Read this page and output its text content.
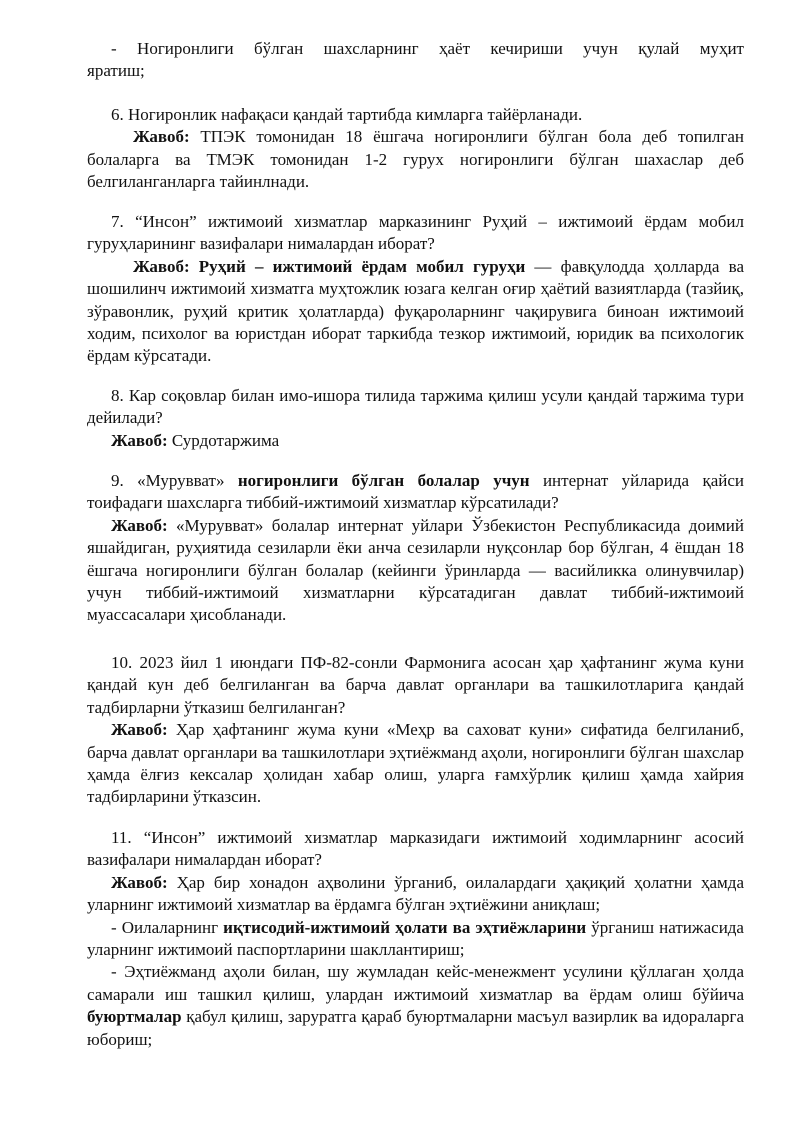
- Ногиронлиги бўлган шахсларнинг ҳаёт кечириши учун қулай муҳит

яратиш;

6. Ногиронлик нафақаси қандай тартибда кимларга тайёрланади.

Жавоб: ТПЭК томонидан 18 ёшгача ногиронлиги бўлган бола деб топилган болаларга ва ТМЭК томонидан 1-2 гурух ногиронлиги бўлган шахаслар деб белгиланганларга тайинлнади.

7. “Инсон” ижтимоий хизматлар марказининг Руҳий – ижтимоий ёрдам мобил гуруҳларининг вазифалари нималардан иборат?

Жавоб: Руҳий – ижтимоий ёрдам мобил гуруҳи — фавқулодда ҳолларда ва шошилинч ижтимоий хизматга муҳтожлик юзага келган оғир ҳаётий вазиятларда (тазйиқ, зўравонлик, руҳий критик ҳолатларда) фуқароларнинг чақирувига биноан ижтимоий ходим, психолог ва юристдан иборат таркибда тезкор ижтимоий, юридик ва психологик ёрдам кўрсатади.

8. Кар соқовлар билан имо-ишора тилида таржима қилиш усули қандай таржима тури дейилади?

Жавоб: Сурдотаржима

9. «Мурувват» ногиронлиги бўлган болалар учун интернат уйларида қайси тоифадаги шахсларга тиббий-ижтимоий хизматлар кўрсатилади?

Жавоб: «Мурувват» болалар интернат уйлари Ўзбекистон Республикасида доимий яшайдиган, руҳиятида сезиларли ёки анча сезиларли нуқсонлар бор бўлган, 4 ёшдан 18 ёшгача ногиронлиги бўлган болалар (кейинги ўринларда — васийликка олинувчилар) учун тиббий-ижтимоий хизматларни кўрсатадиган давлат тиббий-ижтимоий муассасалари ҳисобланади.

10. 2023 йил 1 июндаги ПФ-82-сонли Фармонига асосан ҳар ҳафтанинг жума куни қандай кун деб белгиланган ва барча давлат органлари ва ташкилотларига қандай тадбирларни ўтказиш белгиланган?

Жавоб: Ҳар ҳафтанинг жума куни «Меҳр ва саховат куни» сифатида белгиланиб, барча давлат органлари ва ташкилотлари эҳтиёжманд аҳоли, ногиронлиги бўлган шахслар ҳамда ёлғиз кексалар ҳолидан хабар олиш, уларга ғамхўрлик қилиш ҳамда хайрия тадбирларини ўтказсин.

11. “Инсон” ижтимоий хизматлар марказидаги ижтимоий ходимларнинг асосий вазифалари нималардан иборат?

Жавоб: Ҳар бир хонадон аҳволини ўрганиб, оилалардаги ҳақиқий ҳолатни ҳамда уларнинг ижтимоий хизматлар ва ёрдамга бўлган эҳтиёжини аниқлаш;

- Оилаларнинг иқтисодий-ижтимоий ҳолати ва эҳтиёжларини ўрганиш натижасида уларнинг ижтимоий паспортларини шакллантириш;

- Эҳтиёжманд аҳоли билан, шу жумладан кейс-менежмент усулини қўллаган ҳолда самарали иш ташкил қилиш, улардан ижтимоий хизматлар ва ёрдам олиш бўйича буюртмалар қабул қилиш, заруратга қараб буюртмаларни масъул вазирлик ва идораларга юбориш;
